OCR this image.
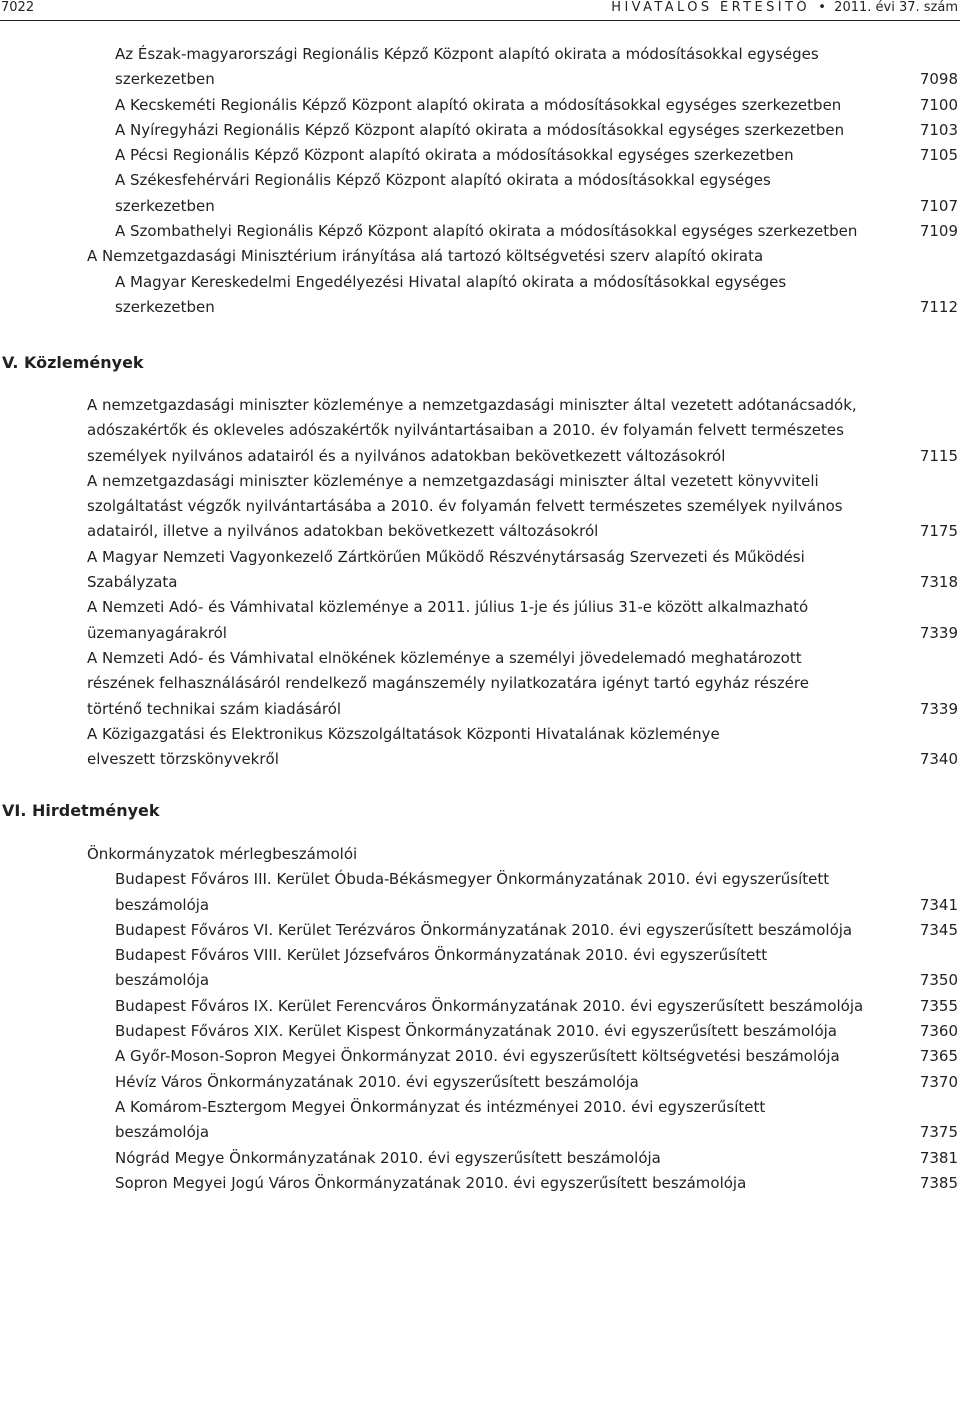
7022	HIVATALOS ÉRTESÍTŐ  •  2011. évi 37. szám
Az Észak-magyarországi Regionális Képző Központ alapító okirata a módosításokkal egységes
szerkezetben	7098
A Kecskeméti Regionális Képző Központ alapító okirata a módosításokkal egységes szerkezetben	7100
A Nyíregyházi Regionális Képző Központ alapító okirata a módosításokkal egységes szerkezetben	7103
A Pécsi Regionális Képző Központ alapító okirata a módosításokkal egységes szerkezetben	7105
A Székesfehérvári Regionális Képző Központ alapító okirata a módosításokkal egységes
szerkezetben	7107
A Szombathelyi Regionális Képző Központ alapító okirata a módosításokkal egységes szerkezetben	7109
A Nemzetgazdasági Minisztérium irányítása alá tartozó költségvetési szerv alapító okirata
A Magyar Kereskedelmi Engedélyezési Hivatal alapító okirata a módosításokkal egységes
szerkezetben	7112
V. Közlemények
A nemzetgazdasági miniszter közleménye a nemzetgazdasági miniszter által vezetett adótanácsadók,
adószakértők és okleveles adószakértők nyilvántartásaiban a 2010. év folyamán felvett természetes
személyek nyilvános adatairól és a nyilvános adatokban bekövetkezett változásokról	7115
A nemzetgazdasági miniszter közleménye a nemzetgazdasági miniszter által vezetett könyvviteli
szolgáltatást végzők nyilvántartásába a 2010. év folyamán felvett természetes személyek nyilvános
adatairól, illetve a nyilvános adatokban bekövetkezett változásokról	7175
A Magyar Nemzeti Vagyonkezelő Zártkörűen Működő Részvénytársaság Szervezeti és Működési
Szabályzata	7318
A Nemzeti Adó- és Vámhivatal közleménye a 2011. július 1-je és július 31-e között alkalmazható
üzemanyagárakról	7339
A Nemzeti Adó- és Vámhivatal elnökének közleménye a személyi jövedelemadó meghatározott
részének felhasználásáról rendelkező magánszemély nyilatkozatára igényt tartó egyház részére
történő technikai szám kiadásáról	7339
A Közigazgatási és Elektronikus Közszolgáltatások Központi Hivatalának közleménye
elveszett törzskönyvekről	7340
VI. Hirdetmények
Önkormányzatok mérlegbeszámolói
Budapest Főváros III. Kerület Óbuda-Békásmegyer Önkormányzatának 2010. évi egyszerűsített
beszámolója	7341
Budapest Főváros VI. Kerület Terézváros Önkormányzatának 2010. évi egyszerűsített beszámolója	7345
Budapest Főváros VIII. Kerület Józsefváros Önkormányzatának 2010. évi egyszerűsített
beszámolója	7350
Budapest Főváros IX. Kerület Ferencváros Önkormányzatának 2010. évi egyszerűsített beszámolója	7355
Budapest Főváros XIX. Kerület Kispest Önkormányzatának 2010. évi egyszerűsített beszámolója	7360
A Győr-Moson-Sopron Megyei Önkormányzat 2010. évi egyszerűsített költségvetési beszámolója	7365
Hévíz Város Önkormányzatának 2010. évi egyszerűsített beszámolója	7370
A Komárom-Esztergom Megyei Önkormányzat és intézményei 2010. évi egyszerűsített
beszámolója	7375
Nógrád Megye Önkormányzatának 2010. évi egyszerűsített beszámolója	7381
Sopron Megyei Jogú Város Önkormányzatának 2010. évi egyszerűsített beszámolója	7385
